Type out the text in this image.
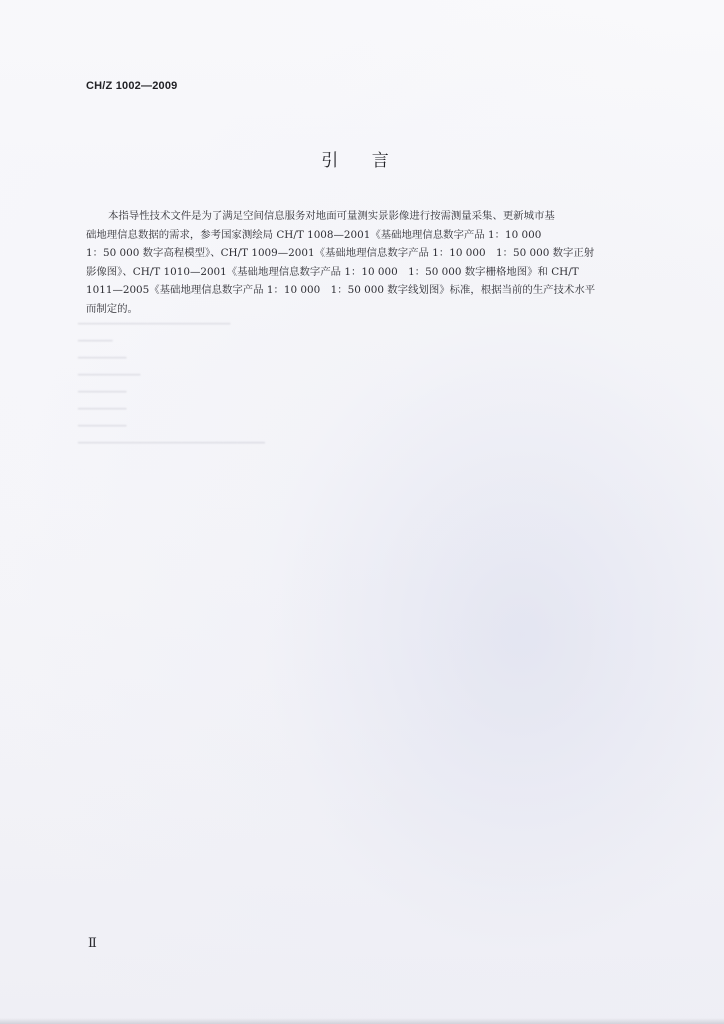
CH/Z 1002—2009
引 言

本指导性技术文件是为了满足空间信息服务对地面可量测实景影像进行按需测量采集、更新城市基
础地理信息数据的需求，参考国家测绘局 CH/T 1008—2001《基础地理信息数字产品 1：10 000
1：50 000 数字高程模型》、CH/T 1009—2001《基础地理信息数字产品 1：10 000　1：50 000 数字正射
影像图》、CH/T 1010—2001《基础地理信息数字产品 1：10 000　1：50 000 数字栅格地图》和 CH/T
1011—2005《基础地理信息数字产品 1：10 000　1：50 000 数字线划图》标准，根据当前的生产技术水平
而制定的。

▁▁▁▁▁▁▁▁▁▁▁▁▁▁▁▁▁▁▁▁▁▁
▁▁▁▁▁
▁▁▁▁▁▁▁
▁▁▁▁▁▁▁▁▁
▁▁▁▁▁▁▁
▁▁▁▁▁▁▁
▁▁▁▁▁▁▁
▁▁▁▁▁▁▁▁▁▁▁▁▁▁▁▁▁▁▁▁▁▁▁▁▁▁▁
Ⅱ
